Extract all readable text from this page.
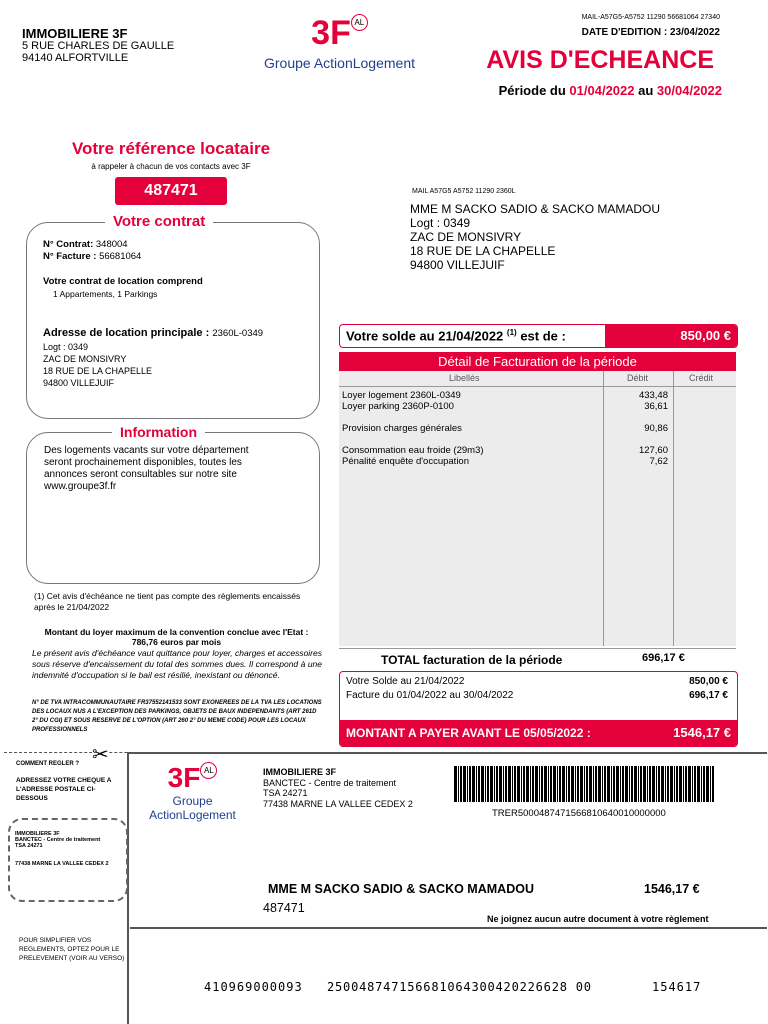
IMMOBILIERE 3F
5 RUE CHARLES DE GAULLE
94140 ALFORTVILLE
3F AL
Groupe ActionLogement
MAIL-A57G5-A5752 11290 56681064 27340
DATE D'EDITION : 23/04/2022
AVIS D'ECHEANCE
Période du 01/04/2022 au 30/04/2022
Votre référence locataire
à rappeler à chacun de vos contacts avec 3F
487471
Votre contrat
N° Contrat: 348004
N° Facture : 56681064
Votre contrat de location comprend
1 Appartements, 1 Parkings
Adresse de location principale : 2360L-0349
Logt : 0349
ZAC DE MONSIVRY
18 RUE DE LA CHAPELLE
94800 VILLEJUIF
MAIL A57G5 A5752 11290 2360L
MME M SACKO SADIO & SACKO MAMADOU
Logt : 0349
ZAC DE MONSIVRY
18 RUE DE LA CHAPELLE
94800 VILLEJUIF
Information
Des logements vacants sur votre département seront prochainement disponibles, toutes les annonces seront consultables sur notre site www.groupe3f.fr
Votre solde au 21/04/2022 $^{(1)}$ est de :	850,00 €
Détail de Facturation de la période
Libellés	Débit	Crédit
Loyer logement 2360L-0349	433,48
Loyer parking 2360P-0100	36,61
Provision charges générales	90,86
Consommation eau froide (29m3)	127,60
Pénalité enquête d'occupation	7,62
TOTAL facturation de la période	696,17 €
Votre Solde au 21/04/2022	850,00 €
Facture du 01/04/2022 au 30/04/2022	696,17 €
MONTANT A PAYER AVANT LE 05/05/2022 :	1546,17 €
(1) Cet avis d'échéance ne tient pas compte des règlements encaissés après le 21/04/2022
Montant du loyer maximum de la convention conclue avec l'Etat :
786,76 euros par mois
Le présent avis d'échéance vaut quittance pour loyer, charges et accessoires sous réserve d'encaissement du total des sommes dues. Il correspond à une indemnité d'occupation si le bail est résilié, inexistant ou dénoncé.
N° DE TVA INTRACOMMUNAUTAIRE FR37552141533 SONT EXONEREES DE LA TVA LES LOCATIONS DES LOCAUX NUS A L'EXCEPTION DES PARKINGS, OBJETS DE BAUX INDEPENDANTS (ART 261D 2° DU CGI) ET SOUS RESERVE DE L'OPTION (ART 260 2° DU MEME CODE) POUR LES LOCAUX PROFESSIONNELS
✂
COMMENT REGLER ?
ADRESSEZ VOTRE CHEQUE A L'ADRESSE POSTALE CI-DESSOUS
IMMOBILIERE 3F
BANCTEC - Centre de traitement
TSA 24271
77438 MARNE LA VALLEE CEDEX 2
3F AL
Groupe ActionLogement
IMMOBILIERE 3F
BANCTEC - Centre de traitement
TSA 24271
77438 MARNE LA VALLEE CEDEX 2
TRER5000487471566810640010000000
MME M SACKO SADIO & SACKO MAMADOU	1546,17 €
487471
Ne joignez aucun autre document à votre règlement
POUR SIMPLIFIER VOS REGLEMENTS, OPTEZ POUR LE PRELEVEMENT (VOIR AU VERSO)
410969000093 250048747156681064300420226628 00	154617
